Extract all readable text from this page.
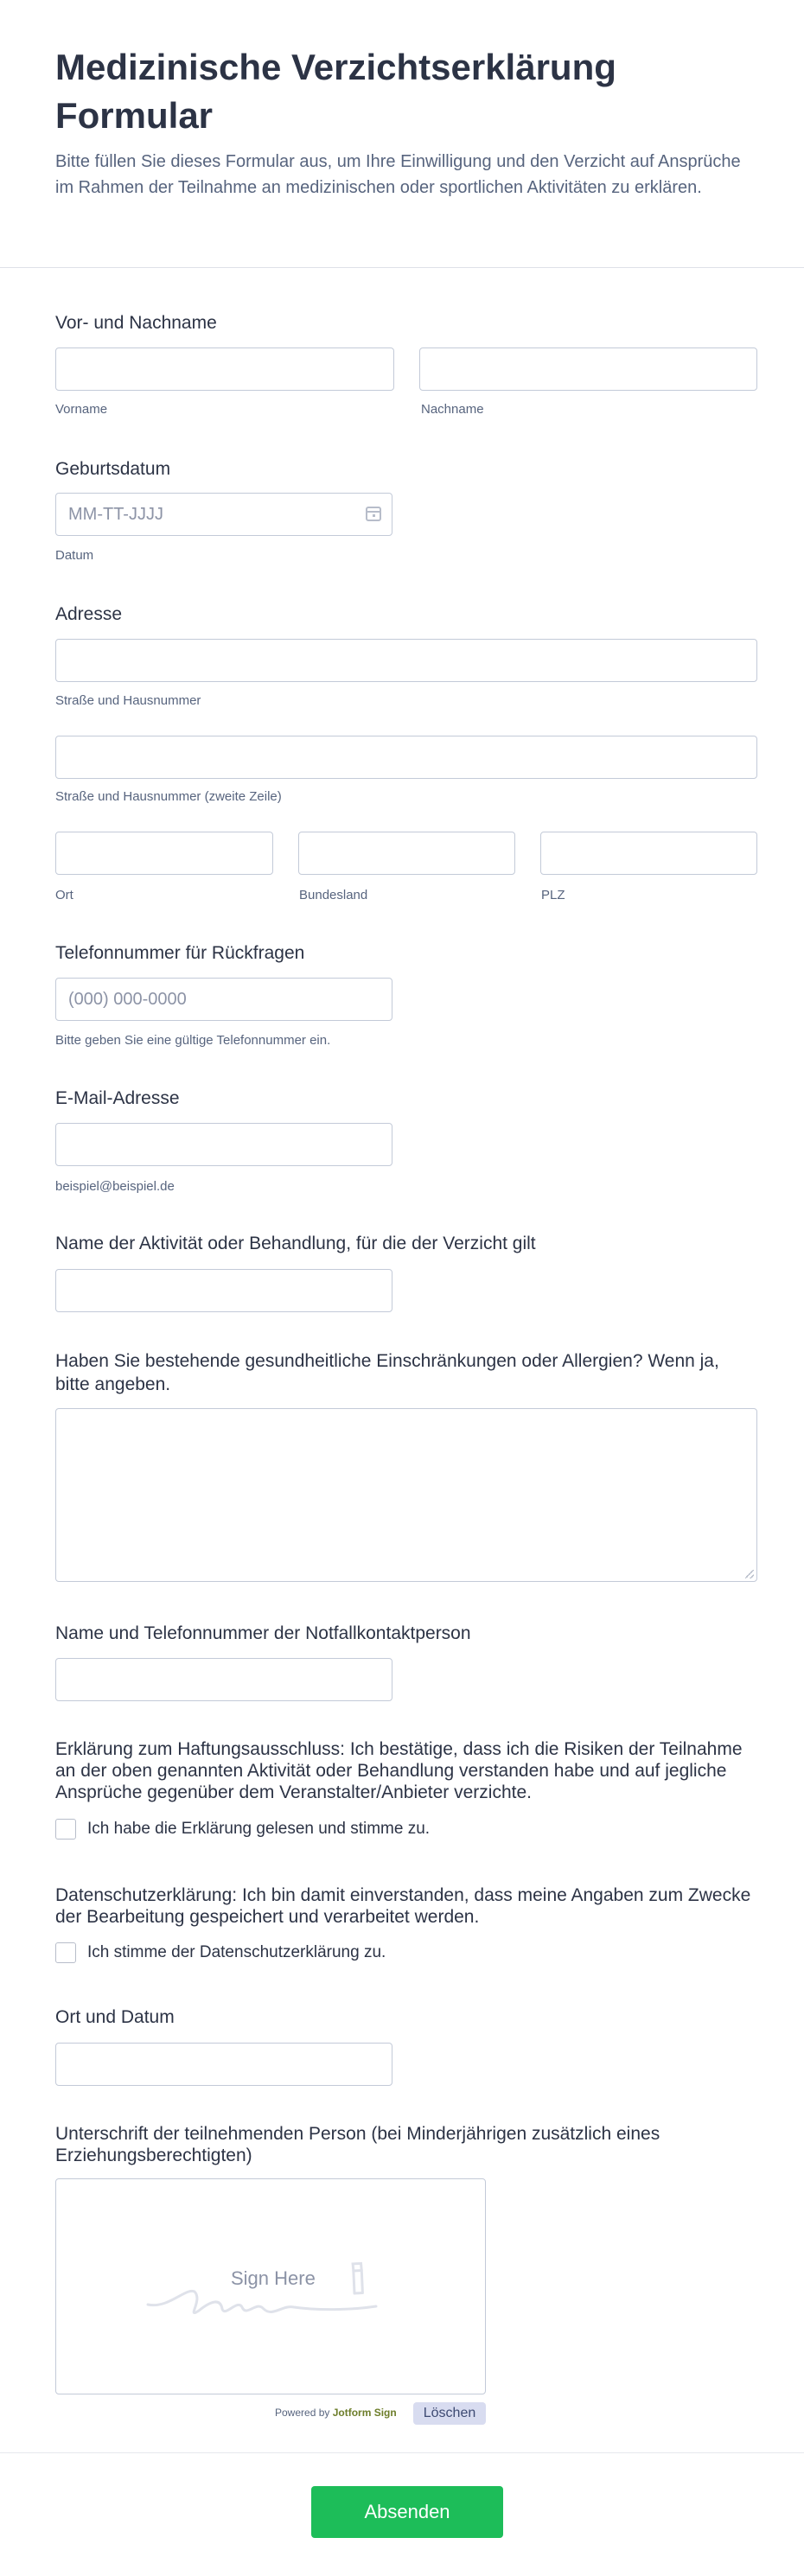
Medizinische Verzichtserklärung Formular
Bitte füllen Sie dieses Formular aus, um Ihre Einwilligung und den Verzicht auf Ansprüche im Rahmen der Teilnahme an medizinischen oder sportlichen Aktivitäten zu erklären.
Vor- und Nachname
Vorname	Nachname
Geburtsdatum
MM-TT-JJJJ
Datum
Adresse
Straße und Hausnummer
Straße und Hausnummer (zweite Zeile)
Ort	Bundesland	PLZ
Telefonnummer für Rückfragen
(000) 000-0000
Bitte geben Sie eine gültige Telefonnummer ein.
E-Mail-Adresse
beispiel@beispiel.de
Name der Aktivität oder Behandlung, für die der Verzicht gilt
Haben Sie bestehende gesundheitliche Einschränkungen oder Allergien? Wenn ja, bitte angeben.
Name und Telefonnummer der Notfallkontaktperson
Erklärung zum Haftungsausschluss: Ich bestätige, dass ich die Risiken der Teilnahme an der oben genannten Aktivität oder Behandlung verstanden habe und auf jegliche Ansprüche gegenüber dem Veranstalter/Anbieter verzichte.
Ich habe die Erklärung gelesen und stimme zu.
Datenschutzerklärung: Ich bin damit einverstanden, dass meine Angaben zum Zwecke der Bearbeitung gespeichert und verarbeitet werden.
Ich stimme der Datenschutzerklärung zu.
Ort und Datum
Unterschrift der teilnehmenden Person (bei Minderjährigen zusätzlich eines Erziehungsberechtigten)
Sign Here
Powered by Jotform Sign	Löschen
Absenden
